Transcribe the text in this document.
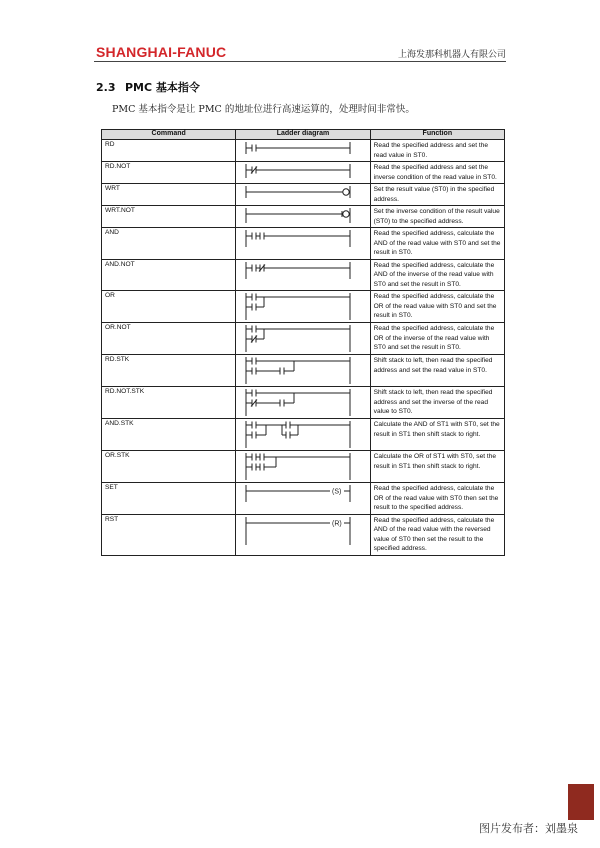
SHANGHAI-FANUC	上海发那科机器人有限公司
2.3 PMC 基本指令
PMC 基本指令是让 PMC 的地址位进行高速运算的，处理时间非常快。
Command	Ladder diagram	Function
RD		Read the specified address and set the read value in ST0.
RD.NOT		Read the specified address and set the inverse condition of the read value in ST0.
WRT		Set the result value (ST0) in the specified address.
WRT.NOT		Set the inverse condition of the result value (ST0) to the specified address.
AND		Read the specified address, calculate the AND of the read value with ST0 and set the result in ST0.
AND.NOT		Read the specified address, calculate the AND of the inverse of the read value with ST0 and set the result in ST0.
OR		Read the specified address, calculate the OR of the read value with ST0 and set the result in ST0.
OR.NOT		Read the specified address, calculate the OR of the inverse of the read value with ST0 and set the result in ST0.
RD.STK		Shift stack to left, then read the specified address and set the read value in ST0.
RD.NOT.STK		Shift stack to left, then read the specified address and set the inverse of the read value to ST0.
AND.STK		Calculate the AND of ST1 with ST0, set the result in ST1 then shift stack to right.
OR.STK		Calculate the OR of ST1 with ST0, set the result in ST1 then shift stack to right.
SET	(S)	Read the specified address, calculate the OR of the read value with ST0 then set the result to the specified address.
RST	(R)	Read the specified address, calculate the AND of the read value with the reversed value of ST0 then set the result to the specified address.
图片发布者：刘墨泉
